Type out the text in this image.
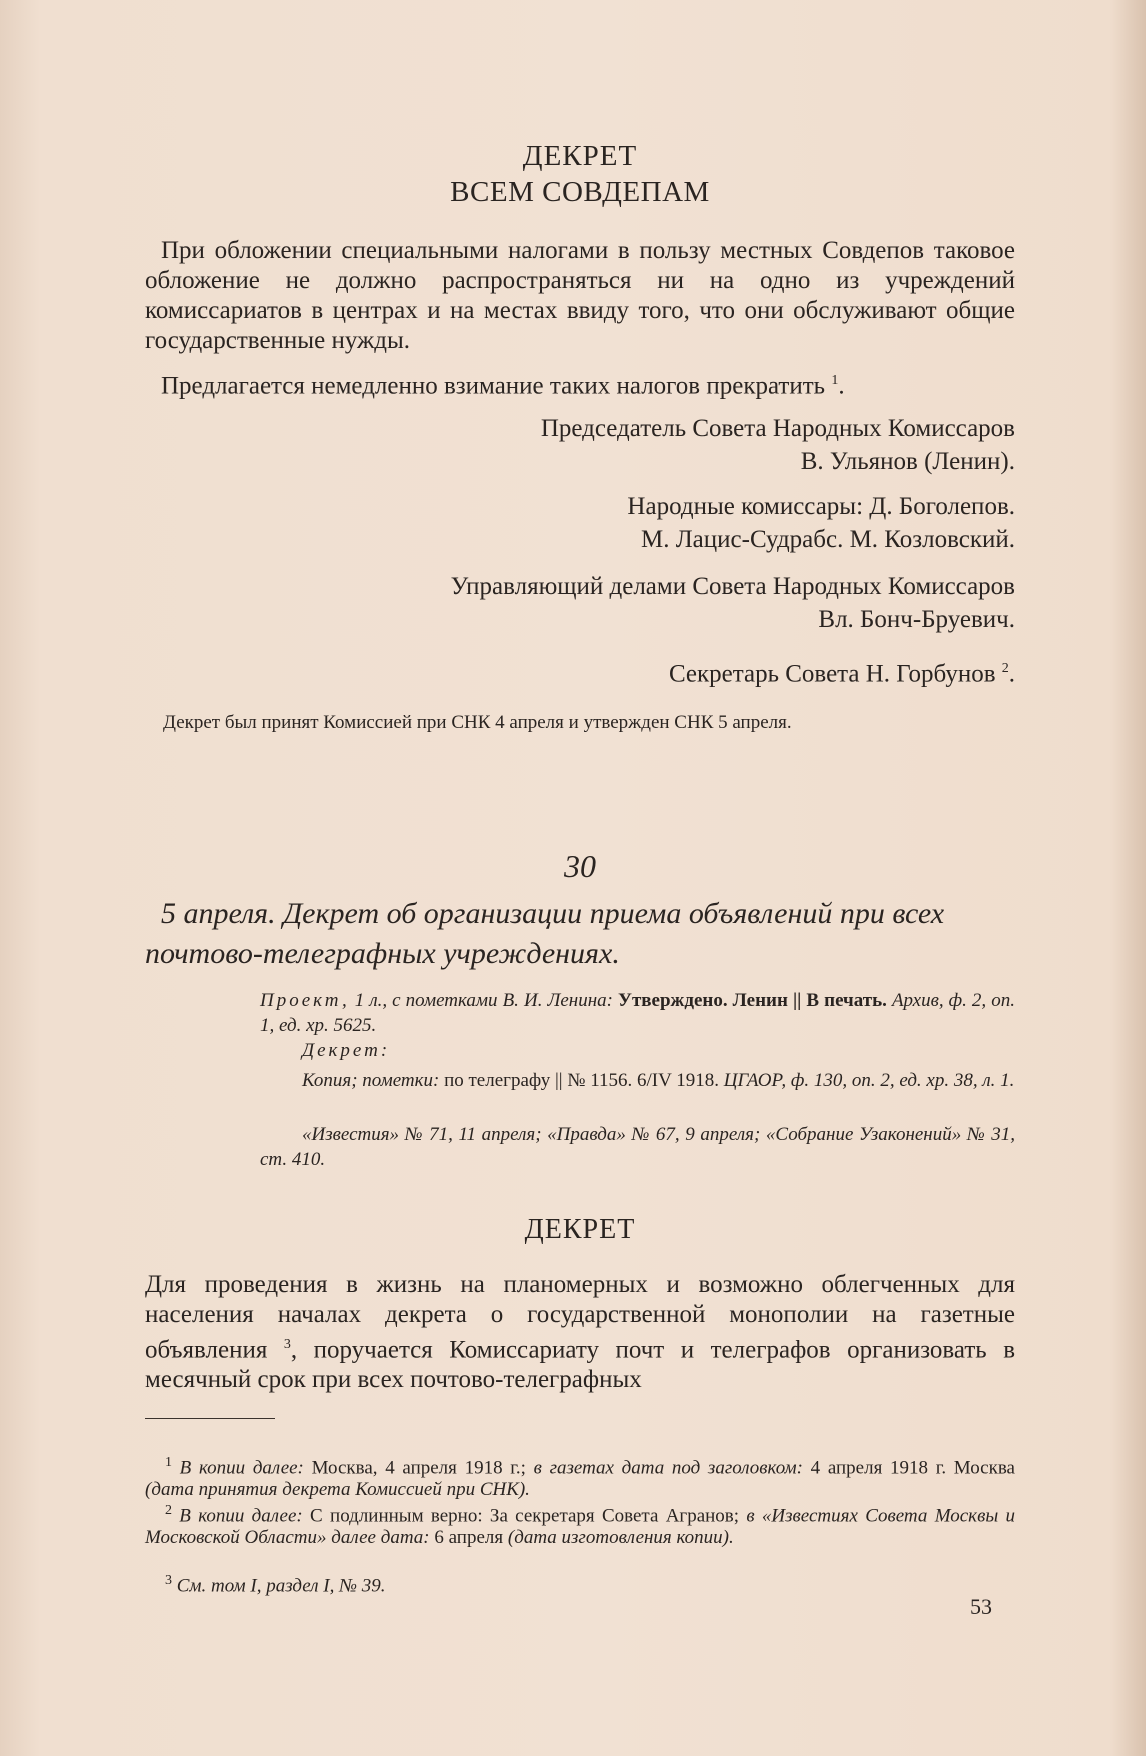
ДЕКРЕТ
ВСЕМ СОВДЕПАМ
При обложении специальными налогами в пользу местных Совдепов таковое обложение не должно распространяться ни на одно из учреждений комиссариатов в центрах и на местах ввиду того, что они обслуживают общие государственные нужды.
Предлагается немедленно взимание таких налогов прекратить $^1$.
Председатель Совета Народных Комиссаров
В. Ульянов (Ленин).
Народные комиссары: Д. Боголепов.
М. Лацис-Судрабс. М. Козловский.
Управляющий делами Совета Народных Комиссаров
Вл. Бонч-Бруевич.
Секретарь Совета Н. Горбунов $^2$.
Декрет был принят Комиссией при СНК 4 апреля и утвержден СНК 5 апреля.
30
5 апреля. Декрет об организации приема объявлений при всех почтово-телеграфных учреждениях.
Проект, 1 л., с пометками В. И. Ленина: Утверждено. Ленин || В печать. Архив, ф. 2, оп. 1, ед. хр. 5625.
Декрет:
Копия; пометки: по телеграфу || № 1156. 6/IV 1918. ЦГАОР, ф. 130, оп. 2, ед. хр. 38, л. 1.
«Известия» № 71, 11 апреля; «Правда» № 67, 9 апреля; «Собрание Узаконений» № 31, ст. 410.
ДЕКРЕТ
Для проведения в жизнь на планомерных и возможно облегченных для населения началах декрета о государственной монополии на газетные объявления $^3$, поручается Комиссариату почт и телеграфов организовать в месячный срок при всех почтово-телеграфных
$^1$ В копии далее: Москва, 4 апреля 1918 г.; в газетах дата под заголовком: 4 апреля 1918 г. Москва (дата принятия декрета Комиссией при СНК).
$^2$ В копии далее: С подлинным верно: За секретаря Совета Агранов; в «Известиях Совета Москвы и Московской Области» далее дата: 6 апреля (дата изготовления копии).
$^3$ См. том I, раздел I, № 39.
53
